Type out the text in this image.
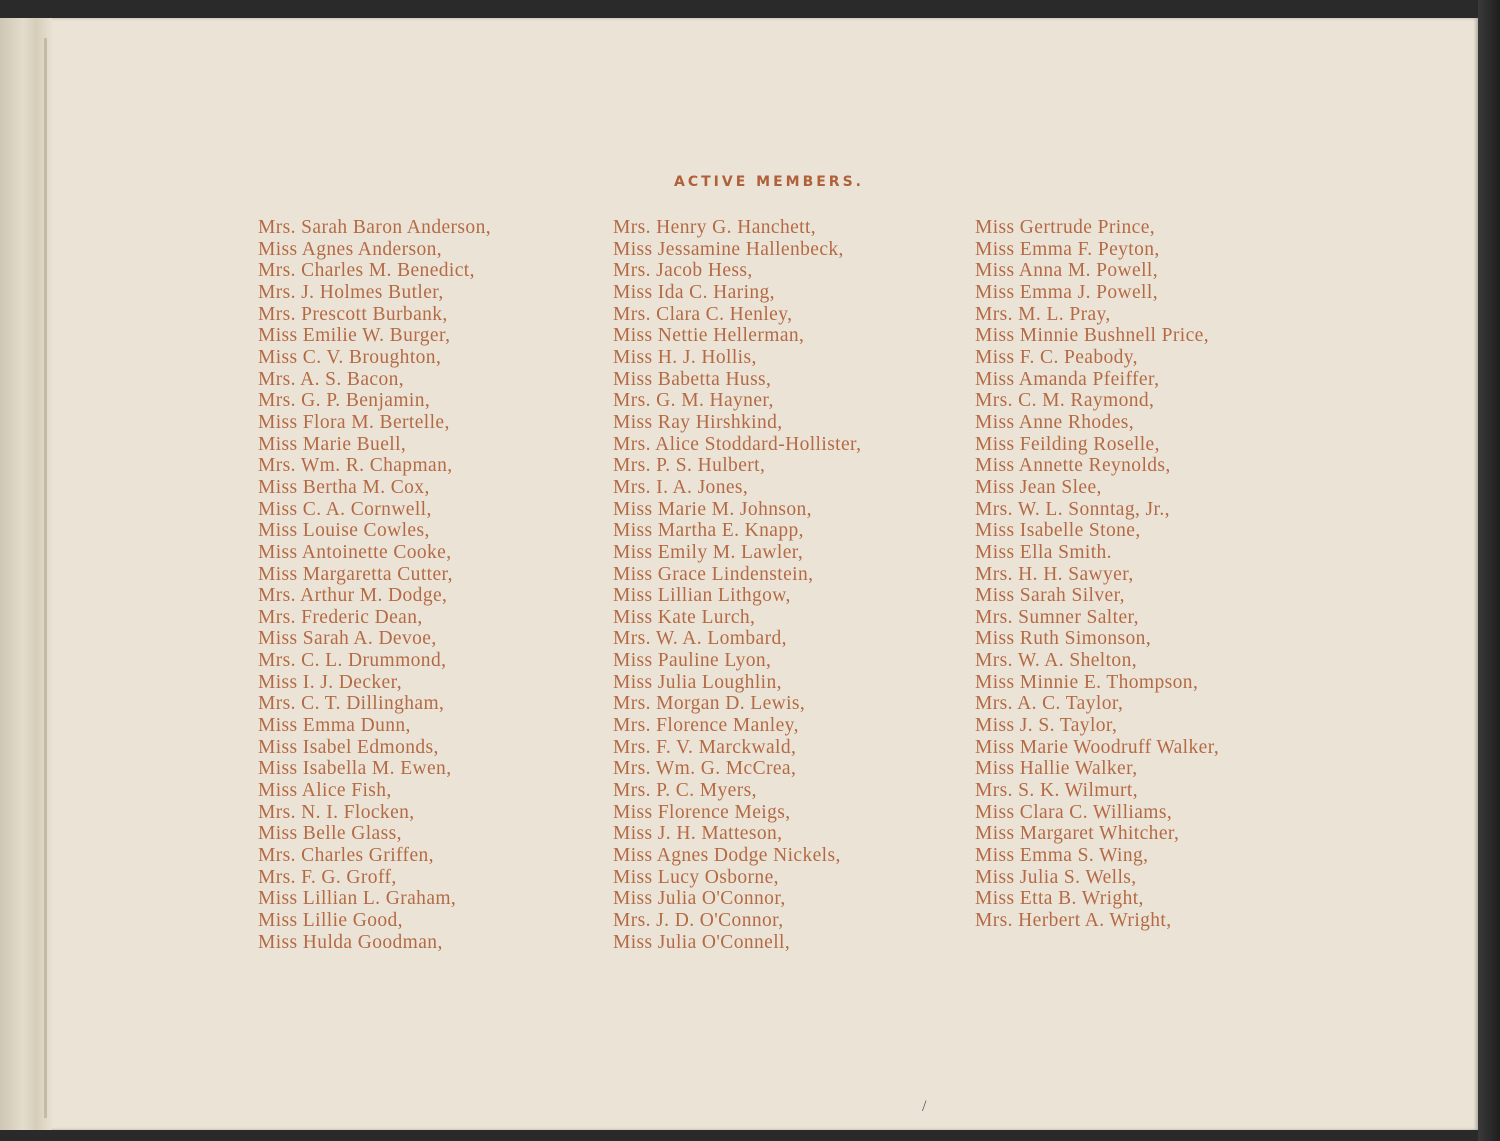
ACTIVE MEMBERS.
Mrs. Sarah Baron Anderson,
Miss Agnes Anderson,
Mrs. Charles M. Benedict,
Mrs. J. Holmes Butler,
Mrs. Prescott Burbank,
Miss Emilie W. Burger,
Miss C. V. Broughton,
Mrs. A. S. Bacon,
Mrs. G. P. Benjamin,
Miss Flora M. Bertelle,
Miss Marie Buell,
Mrs. Wm. R. Chapman,
Miss Bertha M. Cox,
Miss C. A. Cornwell,
Miss Louise Cowles,
Miss Antoinette Cooke,
Miss Margaretta Cutter,
Mrs. Arthur M. Dodge,
Mrs. Frederic Dean,
Miss Sarah A. Devoe,
Mrs. C. L. Drummond,
Miss I. J. Decker,
Mrs. C. T. Dillingham,
Miss Emma Dunn,
Miss Isabel Edmonds,
Miss Isabella M. Ewen,
Miss Alice Fish,
Mrs. N. I. Flocken,
Miss Belle Glass,
Mrs. Charles Griffen,
Mrs. F. G. Groff,
Miss Lillian L. Graham,
Miss Lillie Good,
Miss Hulda Goodman,
Mrs. Henry G. Hanchett,
Miss Jessamine Hallenbeck,
Mrs. Jacob Hess,
Miss Ida C. Haring,
Mrs. Clara C. Henley,
Miss Nettie Hellerman,
Miss H. J. Hollis,
Miss Babetta Huss,
Mrs. G. M. Hayner,
Miss Ray Hirshkind,
Mrs. Alice Stoddard-Hollister,
Mrs. P. S. Hulbert,
Mrs. I. A. Jones,
Miss Marie M. Johnson,
Miss Martha E. Knapp,
Miss Emily M. Lawler,
Miss Grace Lindenstein,
Miss Lillian Lithgow,
Miss Kate Lurch,
Mrs. W. A. Lombard,
Miss Pauline Lyon,
Miss Julia Loughlin,
Mrs. Morgan D. Lewis,
Mrs. Florence Manley,
Mrs. F. V. Marckwald,
Mrs. Wm. G. McCrea,
Mrs. P. C. Myers,
Miss Florence Meigs,
Miss J. H. Matteson,
Miss Agnes Dodge Nickels,
Miss Lucy Osborne,
Miss Julia O'Connor,
Mrs. J. D. O'Connor,
Miss Julia O'Connell,
Miss Gertrude Prince,
Miss Emma F. Peyton,
Miss Anna M. Powell,
Miss Emma J. Powell,
Mrs. M. L. Pray,
Miss Minnie Bushnell Price,
Miss F. C. Peabody,
Miss Amanda Pfeiffer,
Mrs. C. M. Raymond,
Miss Anne Rhodes,
Miss Feilding Roselle,
Miss Annette Reynolds,
Miss Jean Slee,
Mrs. W. L. Sonntag, Jr.,
Miss Isabelle Stone,
Miss Ella Smith.
Mrs. H. H. Sawyer,
Miss Sarah Silver,
Mrs. Sumner Salter,
Miss Ruth Simonson,
Mrs. W. A. Shelton,
Miss Minnie E. Thompson,
Mrs. A. C. Taylor,
Miss J. S. Taylor,
Miss Marie Woodruff Walker,
Miss Hallie Walker,
Mrs. S. K. Wilmurt,
Miss Clara C. Williams,
Miss Margaret Whitcher,
Miss Emma S. Wing,
Miss Julia S. Wells,
Miss Etta B. Wright,
Mrs. Herbert A. Wright,
/
